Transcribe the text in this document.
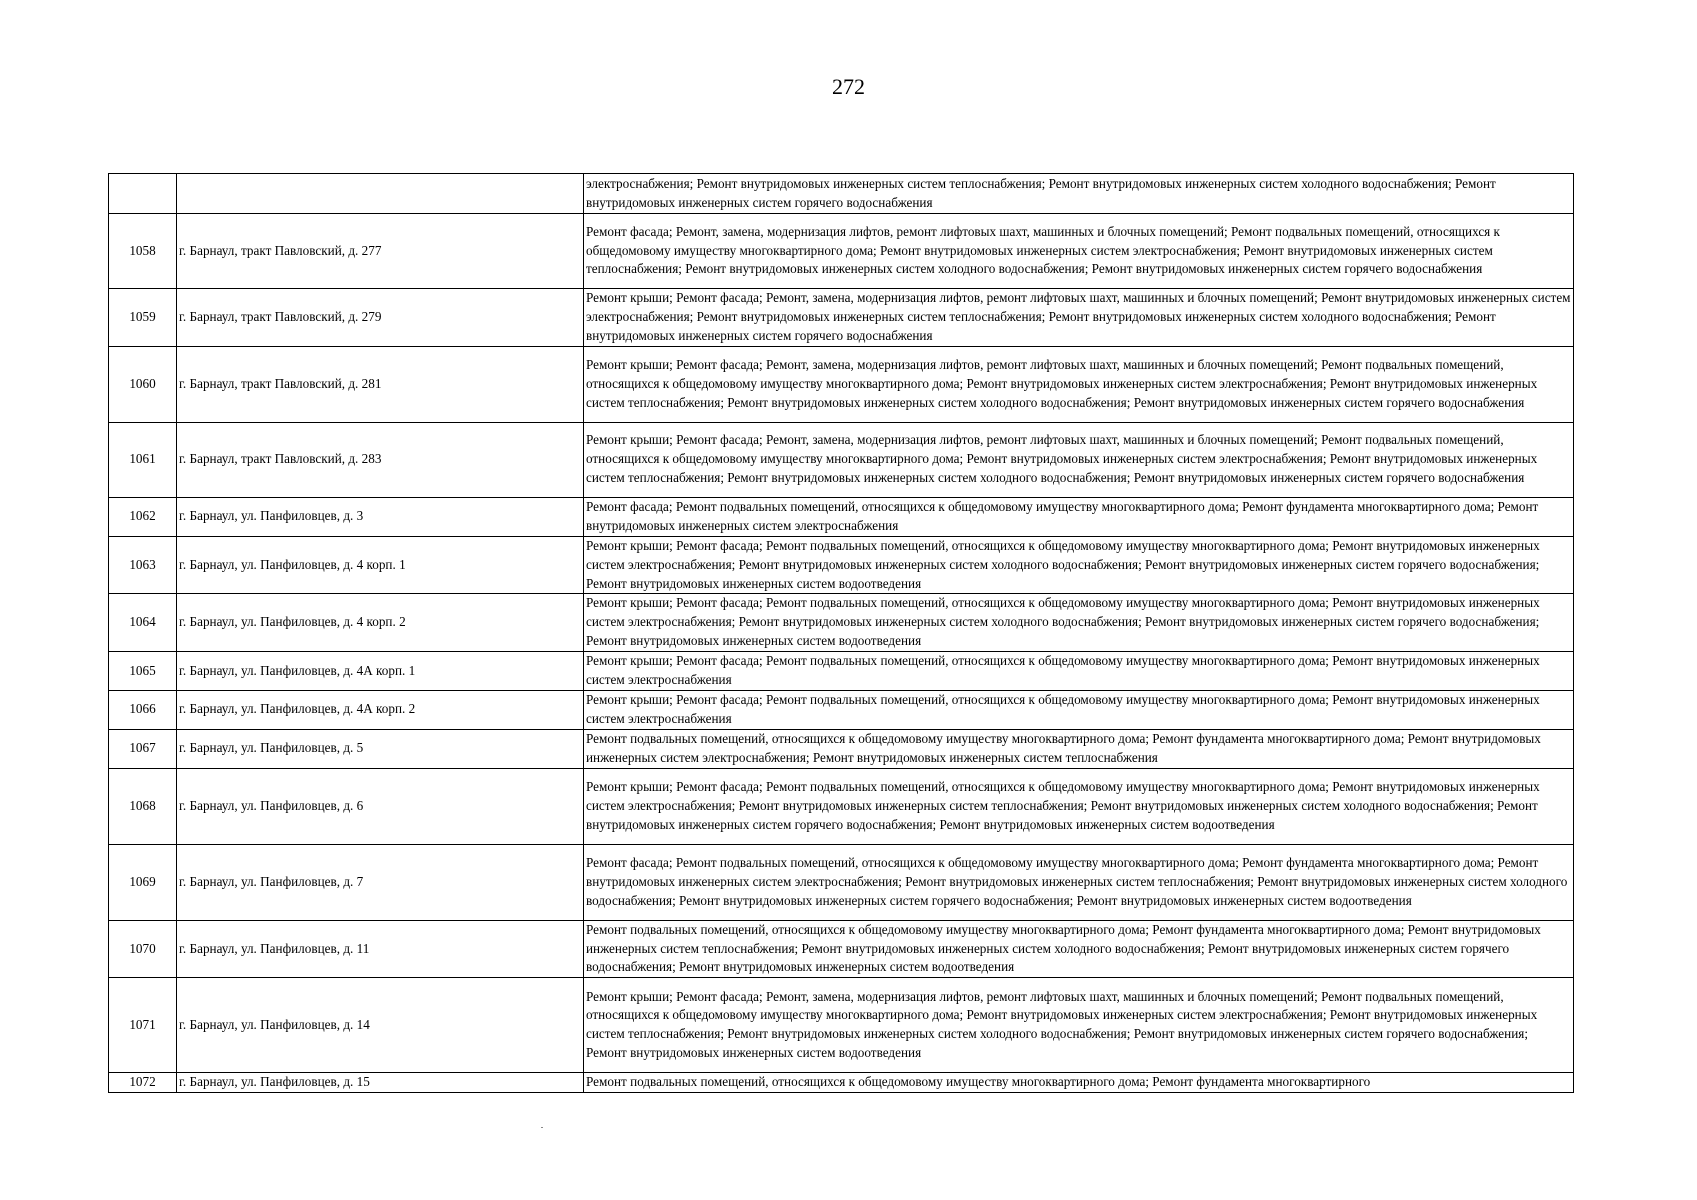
272
		электроснабжения; Ремонт внутридомовых инженерных систем теплоснабжения; Ремонт внутридомовых инженерных систем холодного водоснабжения; Ремонт внутридомовых инженерных систем горячего водоснабжения
1058	г. Барнаул, тракт Павловский, д. 277	Ремонт фасада; Ремонт, замена, модернизация лифтов, ремонт лифтовых шахт, машинных и блочных помещений; Ремонт подвальных помещений, относящихся к общедомовому имуществу многоквартирного дома; Ремонт внутридомовых инженерных систем электроснабжения; Ремонт внутридомовых инженерных систем теплоснабжения; Ремонт внутридомовых инженерных систем холодного водоснабжения; Ремонт внутридомовых инженерных систем горячего водоснабжения
1059	г. Барнаул, тракт Павловский, д. 279	Ремонт крыши; Ремонт фасада; Ремонт, замена, модернизация лифтов, ремонт лифтовых шахт, машинных и блочных помещений; Ремонт внутридомовых инженерных систем электроснабжения; Ремонт внутридомовых инженерных систем теплоснабжения; Ремонт внутридомовых инженерных систем холодного водоснабжения; Ремонт внутридомовых инженерных систем горячего водоснабжения
1060	г. Барнаул, тракт Павловский, д. 281	Ремонт крыши; Ремонт фасада; Ремонт, замена, модернизация лифтов, ремонт лифтовых шахт, машинных и блочных помещений; Ремонт подвальных помещений, относящихся к общедомовому имуществу многоквартирного дома; Ремонт внутридомовых инженерных систем электроснабжения; Ремонт внутридомовых инженерных систем теплоснабжения; Ремонт внутридомовых инженерных систем холодного водоснабжения; Ремонт внутридомовых инженерных систем горячего водоснабжения
1061	г. Барнаул, тракт Павловский, д. 283	Ремонт крыши; Ремонт фасада; Ремонт, замена, модернизация лифтов, ремонт лифтовых шахт, машинных и блочных помещений; Ремонт подвальных помещений, относящихся к общедомовому имуществу многоквартирного дома; Ремонт внутридомовых инженерных систем электроснабжения; Ремонт внутридомовых инженерных систем теплоснабжения; Ремонт внутридомовых инженерных систем холодного водоснабжения; Ремонт внутридомовых инженерных систем горячего водоснабжения
1062	г. Барнаул, ул. Панфиловцев, д. 3	Ремонт фасада; Ремонт подвальных помещений, относящихся к общедомовому имуществу многоквартирного дома; Ремонт фундамента многоквартирного дома; Ремонт внутридомовых инженерных систем электроснабжения
1063	г. Барнаул, ул. Панфиловцев, д. 4 корп. 1	Ремонт крыши; Ремонт фасада; Ремонт подвальных помещений, относящихся к общедомовому имуществу многоквартирного дома; Ремонт внутридомовых инженерных систем электроснабжения; Ремонт внутридомовых инженерных систем холодного водоснабжения; Ремонт внутридомовых инженерных систем горячего водоснабжения; Ремонт внутридомовых инженерных систем водоотведения
1064	г. Барнаул, ул. Панфиловцев, д. 4 корп. 2	Ремонт крыши; Ремонт фасада; Ремонт подвальных помещений, относящихся к общедомовому имуществу многоквартирного дома; Ремонт внутридомовых инженерных систем электроснабжения; Ремонт внутридомовых инженерных систем холодного водоснабжения; Ремонт внутридомовых инженерных систем горячего водоснабжения; Ремонт внутридомовых инженерных систем водоотведения
1065	г. Барнаул, ул. Панфиловцев, д. 4А корп. 1	Ремонт крыши; Ремонт фасада; Ремонт подвальных помещений, относящихся к общедомовому имуществу многоквартирного дома; Ремонт внутридомовых инженерных систем электроснабжения
1066	г. Барнаул, ул. Панфиловцев, д. 4А корп. 2	Ремонт крыши; Ремонт фасада; Ремонт подвальных помещений, относящихся к общедомовому имуществу многоквартирного дома; Ремонт внутридомовых инженерных систем электроснабжения
1067	г. Барнаул, ул. Панфиловцев, д. 5	Ремонт подвальных помещений, относящихся к общедомовому имуществу многоквартирного дома; Ремонт фундамента многоквартирного дома; Ремонт внутридомовых инженерных систем электроснабжения; Ремонт внутридомовых инженерных систем теплоснабжения
1068	г. Барнаул, ул. Панфиловцев, д. 6	Ремонт крыши; Ремонт фасада; Ремонт подвальных помещений, относящихся к общедомовому имуществу многоквартирного дома; Ремонт внутридомовых инженерных систем электроснабжения; Ремонт внутридомовых инженерных систем теплоснабжения; Ремонт внутридомовых инженерных систем холодного водоснабжения; Ремонт внутридомовых инженерных систем горячего водоснабжения; Ремонт внутридомовых инженерных систем водоотведения
1069	г. Барнаул, ул. Панфиловцев, д. 7	Ремонт фасада; Ремонт подвальных помещений, относящихся к общедомовому имуществу многоквартирного дома; Ремонт фундамента многоквартирного дома; Ремонт внутридомовых инженерных систем электроснабжения; Ремонт внутридомовых инженерных систем теплоснабжения; Ремонт внутридомовых инженерных систем холодного водоснабжения; Ремонт внутридомовых инженерных систем горячего водоснабжения; Ремонт внутридомовых инженерных систем водоотведения
1070	г. Барнаул, ул. Панфиловцев, д. 11	Ремонт подвальных помещений, относящихся к общедомовому имуществу многоквартирного дома; Ремонт фундамента многоквартирного дома; Ремонт внутридомовых инженерных систем теплоснабжения; Ремонт внутридомовых инженерных систем холодного водоснабжения; Ремонт внутридомовых инженерных систем горячего водоснабжения; Ремонт внутридомовых инженерных систем водоотведения
1071	г. Барнаул, ул. Панфиловцев, д. 14	Ремонт крыши; Ремонт фасада; Ремонт, замена, модернизация лифтов, ремонт лифтовых шахт, машинных и блочных помещений; Ремонт подвальных помещений, относящихся к общедомовому имуществу многоквартирного дома; Ремонт внутридомовых инженерных систем электроснабжения; Ремонт внутридомовых инженерных систем теплоснабжения; Ремонт внутридомовых инженерных систем холодного водоснабжения; Ремонт внутридомовых инженерных систем горячего водоснабжения; Ремонт внутридомовых инженерных систем водоотведения
1072	г. Барнаул, ул. Панфиловцев, д. 15	Ремонт подвальных помещений, относящихся к общедомовому имуществу многоквартирного дома; Ремонт фундамента многоквартирного
